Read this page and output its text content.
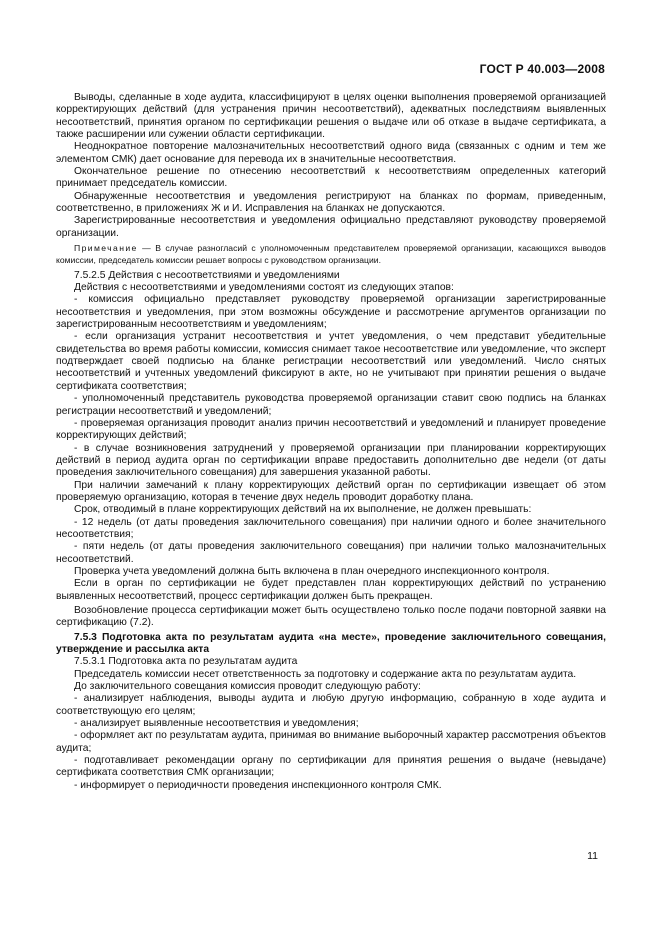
ГОСТ Р 40.003—2008

Выводы, сделанные в ходе аудита, классифицируют в целях оценки выполнения проверяемой организацией корректирующих действий (для устранения причин несоответствий), адекватных последствиям выявленных несоответствий, принятия органом по сертификации решения о выдаче или об отказе в выдаче сертификата, а также расширении или сужении области сертификации.

Неоднократное повторение малозначительных несоответствий одного вида (связанных с одним и тем же элементом СМК) дает основание для перевода их в значительные несоответствия.

Окончательное решение по отнесению несоответствий к несоответствиям определенных категорий принимает председатель комиссии.

Обнаруженные несоответствия и уведомления регистрируют на бланках по формам, приведенным, соответственно, в приложениях Ж и И. Исправления на бланках не допускаются.

Зарегистрированные несоответствия и уведомления официально представляют руководству проверяемой организации.

Примечание — В случае разногласий с уполномоченным представителем проверяемой организации, касающихся выводов комиссии, председатель комиссии решает вопросы с руководством организации.

7.5.2.5 Действия с несоответствиями и уведомлениями

Действия с несоответствиями и уведомлениями состоят из следующих этапов:

- комиссия официально представляет руководству проверяемой организации зарегистрированные несоответствия и уведомления, при этом возможны обсуждение и рассмотрение аргументов организации по зарегистрированным несоответствиям и уведомлениям;

- если организация устранит несоответствия и учтет уведомления, о чем представит убедительные свидетельства во время работы комиссии, комиссия снимает такое несоответствие или уведомление, что эксперт подтверждает своей подписью на бланке регистрации несоответствий или уведомлений. Число снятых несоответствий и учтенных уведомлений фиксируют в акте, но не учитывают при принятии решения о выдаче сертификата соответствия;

- уполномоченный представитель руководства проверяемой организации ставит свою подпись на бланках регистрации несоответствий и уведомлений;

- проверяемая организация проводит анализ причин несоответствий и уведомлений и планирует проведение корректирующих действий;

- в случае возникновения затруднений у проверяемой организации при планировании корректирующих действий в период аудита орган по сертификации вправе предоставить дополнительно две недели (от даты проведения заключительного совещания) для завершения указанной работы.

При наличии замечаний к плану корректирующих действий орган по сертификации извещает об этом проверяемую организацию, которая в течение двух недель проводит доработку плана.

Срок, отводимый в плане корректирующих действий на их выполнение, не должен превышать:

- 12 недель (от даты проведения заключительного совещания) при наличии одного и более значительного несоответствия;

- пяти недель (от даты проведения заключительного совещания) при наличии только малозначительных несоответствий.

Проверка учета уведомлений должна быть включена в план очередного инспекционного контроля.

Если в орган по сертификации не будет представлен план корректирующих действий по устранению выявленных несоответствий, процесс сертификации должен быть прекращен.

Возобновление процесса сертификации может быть осуществлено только после подачи повторной заявки на сертификацию (7.2).

7.5.3 Подготовка акта по результатам аудита «на месте», проведение заключительного совещания, утверждение и рассылка акта

7.5.3.1 Подготовка акта по результатам аудита

Председатель комиссии несет ответственность за подготовку и содержание акта по результатам аудита.

До заключительного совещания комиссия проводит следующую работу:

- анализирует наблюдения, выводы аудита и любую другую информацию, собранную в ходе аудита и соответствующую его целям;

- анализирует выявленные несоответствия и уведомления;

- оформляет акт по результатам аудита, принимая во внимание выборочный характер рассмотрения объектов аудита;

- подготавливает рекомендации органу по сертификации для принятия решения о выдаче (невыдаче) сертификата соответствия СМК организации;

- информирует о периодичности проведения инспекционного контроля СМК.

11
